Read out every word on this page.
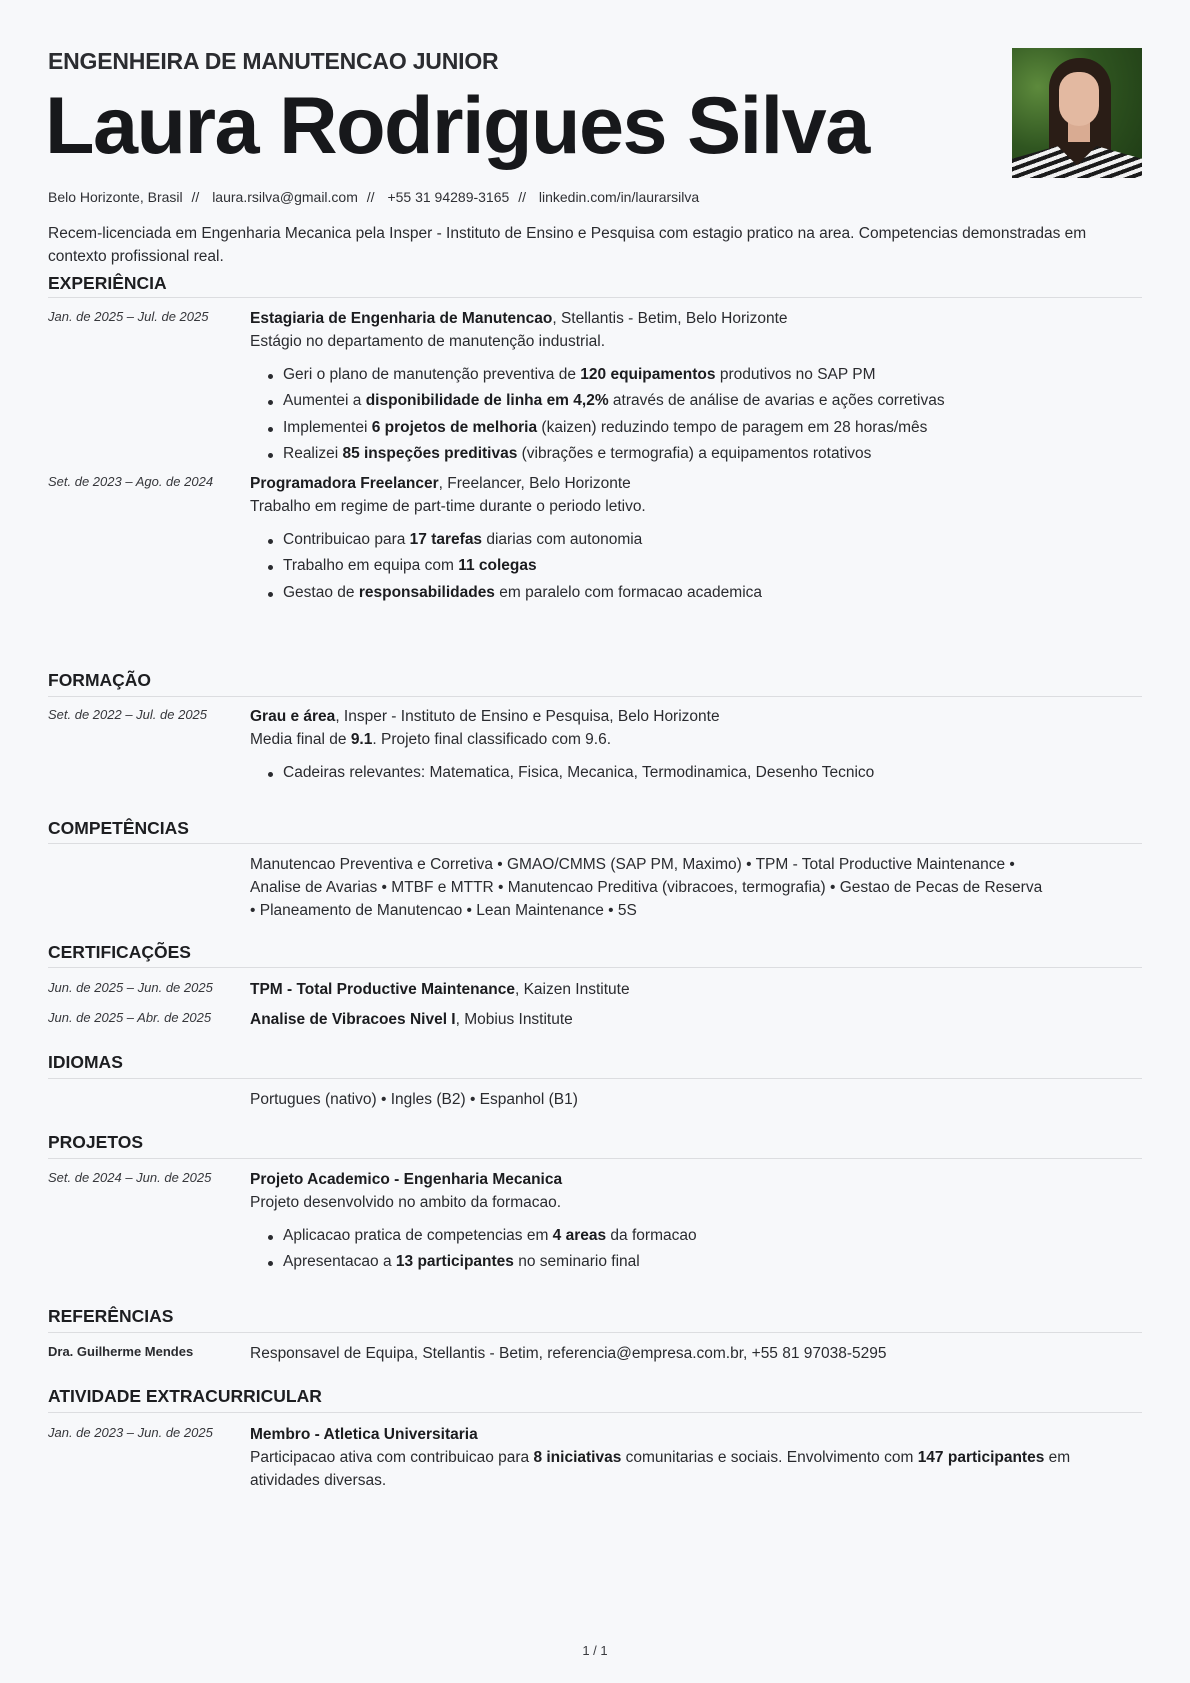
ENGENHEIRA DE MANUTENCAO JUNIOR
Laura Rodrigues Silva
Belo Horizonte, Brasil // laura.rsilva@gmail.com // +55 31 94289-3165 // linkedin.com/in/laurarsilva
Recem-licenciada em Engenharia Mecanica pela Insper - Instituto de Ensino e Pesquisa com estagio pratico na area. Competencias demonstradas em contexto profissional real.
EXPERIÊNCIA
Jan. de 2025 – Jul. de 2025	Estagiaria de Engenharia de Manutencao, Stellantis - Betim, Belo Horizonte
Estágio no departamento de manutenção industrial.
Geri o plano de manutenção preventiva de 120 equipamentos produtivos no SAP PM
Aumentei a disponibilidade de linha em 4,2% através de análise de avarias e ações corretivas
Implementei 6 projetos de melhoria (kaizen) reduzindo tempo de paragem em 28 horas/mês
Realizei 85 inspeções preditivas (vibrações e termografia) a equipamentos rotativos
Set. de 2023 – Ago. de 2024 Programadora Freelancer, Freelancer, Belo Horizonte
Trabalho em regime de part-time durante o periodo letivo.
Contribuicao para 17 tarefas diarias com autonomia
Trabalho em equipa com 11 colegas
Gestao de responsabilidades em paralelo com formacao academica
FORMAÇÃO
Set. de 2022 – Jul. de 2025	Grau e área, Insper - Instituto de Ensino e Pesquisa, Belo Horizonte
Media final de 9.1. Projeto final classificado com 9.6.
Cadeiras relevantes: Matematica, Fisica, Mecanica, Termodinamica, Desenho Tecnico
COMPETÊNCIAS
Manutencao Preventiva e Corretiva • GMAO/CMMS (SAP PM, Maximo) • TPM - Total Productive Maintenance •
Analise de Avarias • MTBF e MTTR • Manutencao Preditiva (vibracoes, termografia) • Gestao de Pecas de Reserva
• Planeamento de Manutencao • Lean Maintenance • 5S
CERTIFICAÇÕES
Jun. de 2025 – Jun. de 2025 TPM - Total Productive Maintenance, Kaizen Institute
Jun. de 2025 – Abr. de 2025	Analise de Vibracoes Nivel I, Mobius Institute
IDIOMAS
Portugues (nativo) • Ingles (B2) • Espanhol (B1)
PROJETOS
Set. de 2024 – Jun. de 2025 Projeto Academico - Engenharia Mecanica
Projeto desenvolvido no ambito da formacao.
Aplicacao pratica de competencias em 4 areas da formacao
Apresentacao a 13 participantes no seminario final
REFERÊNCIAS
Dra. Guilherme Mendes	Responsavel de Equipa, Stellantis - Betim, referencia@empresa.com.br, +55 81 97038-5295
ATIVIDADE EXTRACURRICULAR
Jan. de 2023 – Jun. de 2025 Membro - Atletica Universitaria
Participacao ativa com contribuicao para 8 iniciativas comunitarias e sociais. Envolvimento com 147 participantes em
atividades diversas.
1 / 1
